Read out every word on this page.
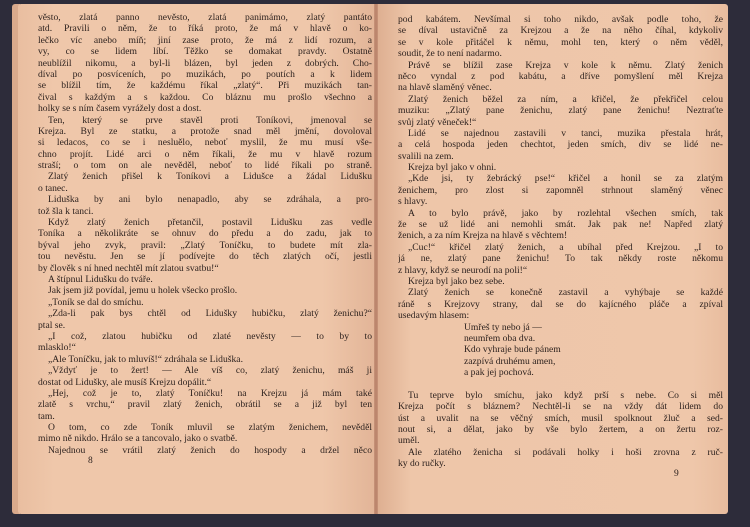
věsto, zlatá panno nevěsto, zlatá panimámo, zlatý pantáto
atd. Pravili o něm, že to říká proto, že má v hlavě o ko-
lečko víc anebo míň; jiní zase proto, že má z lidí rozum, a
vy, co se lidem líbí. Těžko se domakat pravdy. Ostatně
neublížil nikomu, a byl-li blázen, byl jeden z dobrých. Cho-
díval po posvíceních, po muzikách, po poutích a k lidem
se blížil tím, že každému říkal „zlatý“. Při muzikách tan-
čival s každým a s každou. Co bláznu mu prošlo všechno a
holky se s ním časem vyrážely dost a dost.
Ten, který se prve stavěl proti Toníkovi, jmenoval se
Krejza. Byl ze statku, a protože snad měl jmění, dovoloval
si ledacos, co se i nesluělo, neboť myslil, že mu musí vše-
chno projít. Lidé arci o něm říkali, že mu v hlavě rozum
straší; o tom on ale nevěděl, neboť to lidé říkali po straně.
Zlatý ženich přišel k Toníkovi a Lidušce a žádal Lidušku
o tanec.
Liduška by ani bylo nenapadlo, aby se zdráhala, a pro-
tož šla k tanci.
Když zlatý ženich přetančil, postavil Lidušku zas vedle
Toníka a několikráte se ohnuv do předu a do zadu, jak to
býval jeho zvyk, pravil: „Zlatý Toníčku, to budete mít zla-
tou nevěstu. Jen se jí podívejte do těch zlatých očí, jestli
by člověk s ní hned nechtěl mít zlatou svatbu!“
A štípnul Lidušku do tváře.
Jak jsem již povídal, jemu u holek všecko prošlo.
„Toník se dal do smíchu.
„Zda-li pak bys chtěl od Lidušky hubičku, zlatý ženichu?“
ptal se.
„I což, zlatou hubičku od zlaté nevěsty — to by to
mlasklo!“
„Ale Toníčku, jak to mluvíš!“ zdráhala se Liduška.
„Vždyť je to žert! — Ale víš co, zlatý ženichu, máš ji
dostat od Lidušky, ale musíš Krejzu dopálit.“
„Hej, což je to, zlatý Toníčku! na Krejzu já mám také
zlatě s vrchu,“ pravil zlatý ženich, obrátil se a již byl ten
tam.
O tom, co zde Toník mluvil se zlatým ženichem, nevěděl
mimo ně nikdo. Hrálo se a tancovalo, jako o svatbě.
Najednou se vrátil zlatý ženich do hospody a držel něco
8
pod kabátem. Nevšímal si toho nikdo, avšak podle toho, že
se díval ustavičně za Krejzou a že na něho číhal, kdykoliv
se v kole přitáčel k němu, mohl ten, který o něm věděl,
soudit, že to není nadarmo.
Právě se blížil zase Krejza v kole k němu. Zlatý ženich
něco vyndal z pod kabátu, a dříve pomyšlení měl Krejza
na hlavě slaměný věnec.
Zlatý ženich běžel za ním, a křičel, že překřičel celou
muziku: „Zlatý pane ženichu, zlatý pane ženichu! Neztraťte
svůj zlatý věneček!“
Lidé se najednou zastavili v tanci, muzika přestala hrát,
a celá hospoda jeden chechtot, jeden smích, div se lidé ne-
svalili na zem.
Krejza byl jako v ohni.
„Kde jsi, ty žebrácký pse!“ křičel a honil se za zlatým
ženichem, pro zlost si zapomněl strhnout slaměný věnec
s hlavy.
A to bylo právě, jako by rozlehtal všechen smích, tak
že se už lidé ani nemohli smát. Jak pak ne! Napřed zlatý
ženich, a za ním Krejza na hlavě s věchtem!
„Cuc!“ křičel zlatý ženich, a ubíhal před Krejzou. „I to
já ne, zlatý pane ženichu! To tak někdy roste někomu
z hlavy, když se neurodí na poli!“
Krejza byl jako bez sebe.
Zlatý ženich se konečně zastavil a vyhýbaje se každé
ráně s Krejzovy strany, dal se do kajícného pláče a zpíval
usedavým hlasem:
Umřeš ty nebo já —
neumřem oba dva.
Kdo vyhraje bude pánem
zazpívá druhému amen,
a pak jej pochová.
Tu teprve bylo smíchu, jako když prší s nebe. Co si měl
Krejza počít s bláznem? Nechtěl-li se na vždy dát lidem do
úst a uvalit na se věčný smích, musil spolknout žluč a sed-
nout si, a dělat, jako by vše bylo žertem, a on žertu roz-
uměl.
Ale zlatého ženicha si podávali holky i hoši zrovna z ruč-
ky do ručky.
9
